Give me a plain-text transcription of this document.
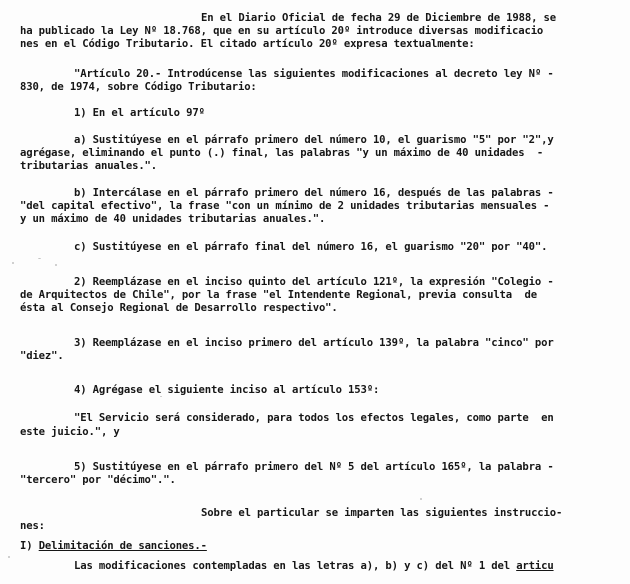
En el Diario Oficial de fecha 29 de Diciembre de 1988, se
ha publicado la Ley Nº 18.768, que en su artículo 20º introduce diversas modificacio
nes en el Código Tributario. El citado artículo 20º expresa textualmente:
"Artículo 20.- Introdúcense las siguientes modificaciones al decreto ley Nº -
830, de 1974, sobre Código Tributario:
1) En el artículo 97º
a) Sustitúyese en el párrafo primero del número 10, el guarismo "5" por "2",y
agrégase, eliminando el punto (.) final, las palabras "y un máximo de 40 unidades  -
tributarias anuales.".
b) Intercálase en el párrafo primero del número 16, después de las palabras -
"del capital efectivo", la frase "con un mínimo de 2 unidades tributarias mensuales -
y un máximo de 40 unidades tributarias anuales.".
c) Sustitúyese en el párrafo final del número 16, el guarismo "20" por "40".
2) Reemplázase en el inciso quinto del artículo 121º, la expresión "Colegio -
de Arquitectos de Chile", por la frase "el Intendente Regional, previa consulta  de
ésta al Consejo Regional de Desarrollo respectivo".
3) Reemplázase en el inciso primero del artículo 139º, la palabra "cinco" por
"diez".
4) Agrégase el siguiente inciso al artículo 153º:
"El Servicio será considerado, para todos los efectos legales, como parte  en
este juicio.", y
5) Sustitúyese en el párrafo primero del Nº 5 del artículo 165º, la palabra -
"tercero" por "décimo".".
Sobre el particular se imparten las siguientes instruccio-
nes:
I) Delimitación de sanciones.-
Las modificaciones contempladas en las letras a), b) y c) del Nº 1 del articu
